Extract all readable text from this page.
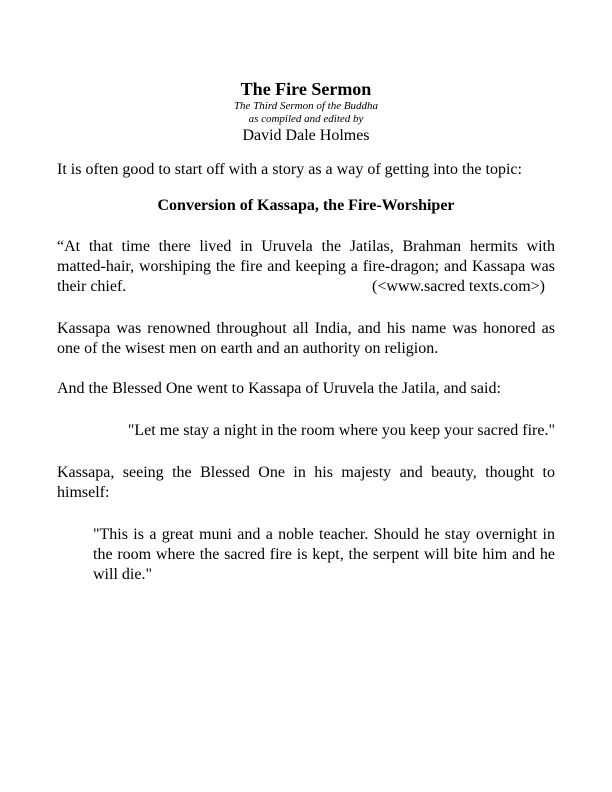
The Fire Sermon

The Third Sermon of the Buddha

as compiled and edited by

David Dale Holmes

It is often good to start off with a story as a way of getting into the topic:

Conversion of Kassapa, the Fire-Worshiper

“At that time there lived in Uruvela the Jatilas, Brahman hermits with matted-hair, worshiping the fire and keeping a fire-dragon; and Kassapa was their chief.	(<www.sacred texts.com>)

Kassapa was renowned throughout all India, and his name was honored as one of the wisest men on earth and an authority on religion.

And the Blessed One went to Kassapa of Uruvela the Jatila, and said:

"Let me stay a night in the room where you keep your sacred fire."

Kassapa, seeing the Blessed One in his majesty and beauty, thought to himself:

"This is a great muni and a noble teacher. Should he stay overnight in the room where the sacred fire is kept, the serpent will bite him and he will die."
